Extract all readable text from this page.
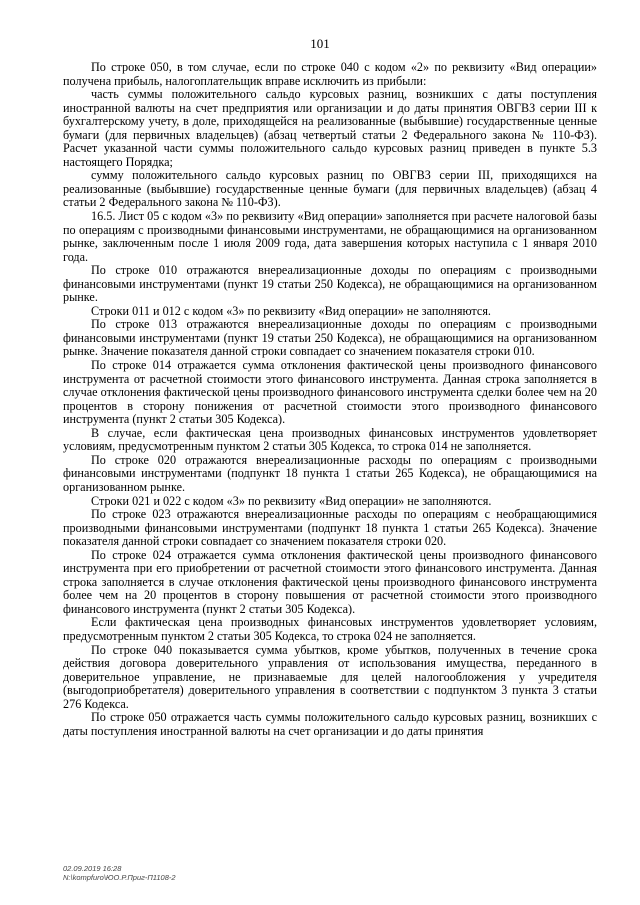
101

По строке 050, в том случае, если по строке 040 с кодом «2» по реквизиту «Вид операции» получена прибыль, налогоплательщик вправе исключить из прибыли:

часть суммы положительного сальдо курсовых разниц, возникших с даты поступления иностранной валюты на счет предприятия или организации и до даты принятия ОВГВЗ серии III к бухгалтерскому учету, в доле, приходящейся на реализованные (выбывшие) государственные ценные бумаги (для первичных владельцев) (абзац четвертый статьи 2 Федерального закона № 110-ФЗ). Расчет указанной части суммы положительного сальдо курсовых разниц приведен в пункте 5.3 настоящего Порядка;

сумму положительного сальдо курсовых разниц по ОВГВЗ серии III, приходящихся на реализованные (выбывшие) государственные ценные бумаги (для первичных владельцев) (абзац 4 статьи 2 Федерального закона № 110-ФЗ).

16.5. Лист 05 с кодом «3» по реквизиту «Вид операции» заполняется при расчете налоговой базы по операциям с производными финансовыми инструментами, не обращающимися на организованном рынке, заключенным после 1 июля 2009 года, дата завершения которых наступила с 1 января 2010 года.

По строке 010 отражаются внереализационные доходы по операциям с производными финансовыми инструментами (пункт 19 статьи 250 Кодекса), не обращающимися на организованном рынке.

Строки 011 и 012 с кодом «3» по реквизиту «Вид операции» не заполняются.

По строке 013 отражаются внереализационные доходы по операциям с производными финансовыми инструментами (пункт 19 статьи 250 Кодекса), не обращающимися на организованном рынке. Значение показателя данной строки совпадает со значением показателя строки 010.

По строке 014 отражается сумма отклонения фактической цены производного финансового инструмента от расчетной стоимости этого финансового инструмента. Данная строка заполняется в случае отклонения фактической цены производного финансового инструмента сделки более чем на 20 процентов в сторону понижения от расчетной стоимости этого производного финансового инструмента (пункт 2 статьи 305 Кодекса).

В случае, если фактическая цена производных финансовых инструментов удовлетворяет условиям, предусмотренным пунктом 2 статьи 305 Кодекса, то строка 014 не заполняется.

По строке 020 отражаются внереализационные расходы по операциям с производными финансовыми инструментами (подпункт 18 пункта 1 статьи 265 Кодекса), не обращающимися на организованном рынке.

Строки 021 и 022 с кодом «3» по реквизиту «Вид операции» не заполняются.

По строке 023 отражаются внереализационные расходы по операциям с необращающимися производными финансовыми инструментами (подпункт 18 пункта 1 статьи 265 Кодекса). Значение показателя данной строки совпадает со значением показателя строки 020.

По строке 024 отражается сумма отклонения фактической цены производного финансового инструмента при его приобретении от расчетной стоимости этого финансового инструмента. Данная строка заполняется в случае отклонения фактической цены производного финансового инструмента более чем на 20 процентов в сторону повышения от расчетной стоимости этого производного финансового инструмента (пункт 2 статьи 305 Кодекса).

Если фактическая цена производных финансовых инструментов удовлетворяет условиям, предусмотренным пунктом 2 статьи 305 Кодекса, то строка 024 не заполняется.

По строке 040 показывается сумма убытков, кроме убытков, полученных в течение срока действия договора доверительного управления от использования имущества, переданного в доверительное управление, не признаваемые для целей налогообложения у учредителя (выгодоприобретателя) доверительного управления в соответствии с подпунктом 3 пункта 3 статьи 276 Кодекса.

По строке 050 отражается часть суммы положительного сальдо курсовых разниц, возникших с даты поступления иностранной валюты на счет организации и до даты принятия

02.09.2019 16:28
N:\kompfuro\ЮО.Р.Приг-П1108-2
